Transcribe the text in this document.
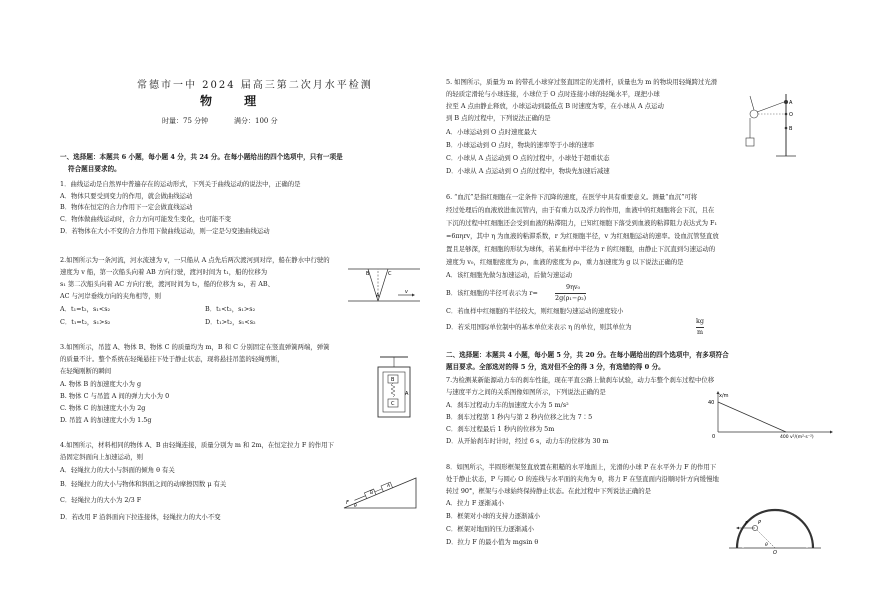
常德市一中 2024 届高三第二次月水平检测
物 理
时量：75 分钟	满分：100 分
一、选择题：本题共 6 小题，每小题 4 分，共 24 分。在每小题给出的四个选项中，只有一项是
符合题目要求的。
1．曲线运动是自然界中普遍存在的运动形式，下列关于曲线运动的说法中，正确的是
A．物体只要受到变力的作用，就会做曲线运动
B．物体在恒定的合力作用下一定会做直线运动
C．物体做曲线运动时，合力方向可能发生变化，也可能不变
D．若物体在大小不变的合力作用下做曲线运动，则一定是匀变速曲线运动
2.如图所示为一条河流，河水流速为 v，一只船从 A 点先后两次渡河到对岸，船在静水中行驶的
速度为 v 船，第一次船头向着 AB 方向行驶，渡河时间为 t₁，船的位移为
s₁ 第二次船头向着 AC 方向行驶，渡河时间为 t₂，船的位移为 s₂，若 AB、
AC 与河岸垂线方向的夹角相等，则
A．t₁=t₂，s₁<s₂	B．t₁<t₂，s₁>s₂
C．t₁=t₂，s₁>s₂	D．t₁>t₂，s₁<s₂
B	C
A
v
3.如图所示，吊篮 A、物体 B、物体 C 的质量均为 m，B 和 C 分别固定在竖直弹簧两端，弹簧
的质量不计。整个系统在轻绳悬挂下处于静止状态，现将悬挂吊篮的轻绳剪断，
在轻绳刚断的瞬间
A. 物体 B 的加速度大小为 g
B. 物体 C 与吊篮 A 间的弹力大小为 0
C. 物体 C 的加速度大小为 2g
D. 吊篮 A 的加速度大小为 1.5g
B
C
A
4.如图所示，材料相同的物体 A、B 由轻绳连接，质量分别为 m 和 2m，在恒定拉力 F 的作用下
沿固定斜面向上加速运动，则
A．轻绳拉力的大小与斜面的倾角 θ 有关
B．轻绳拉力的大小与物体和斜面之间的动摩擦因数 μ 有关
C．轻绳拉力的大小为 2/3 F
D．若改用 F 沿斜面向下拉连接体，轻绳拉力的大小不变
F
B
A
θ
5. 如图所示，质量为 m 的带孔小球穿过竖直固定的光滑杆，质量也为 m 的物块用轻绳跨过光滑
的轻质定滑轮与小球连接，小球位于 O 点时连接小球的轻绳水平，现把小球
拉至 A 点由静止释放，小球运动到最低点 B 时速度为零，在小球从 A 点运动
到 B 点的过程中，下列说法正确的是
A．小球运动到 O 点时速度最大
B．小球运动到 O 点时，物块的速率等于小球的速率
C．小球从 A 点运动到 O 点的过程中，小球处于超重状态
D．小球从 A 点运动到 O 点的过程中，物块先加速后减速
A
O
B
6. “血沉”是指红细胞在一定条件下沉降的速度，在医学中具有重要意义。测量“血沉”可将
经过处理后的血液放进血沉管内，由于有重力以及浮力的作用，血液中的红细胞将会下沉，且在
下沉的过程中红细胞还会受到血液的粘滞阻力，已知红细胞下落受到血液的粘滞阻力表达式为 F₁
=6πηrv，其中 η 为血液的粘滞系数，r 为红细胞半径，v 为红细胞运动的速率。设血沉管竖直放
置且足够深，红细胞的形状为球体，若某血样中半径为 r 的红细胞，由静止下沉直到匀速运动的
速度为 v₀，红细胞密度为 ρ₁，血液的密度为 ρ₂，重力加速度为 g 以下说法正确的是
A．该红细胞先做匀加速运动，后做匀速运动
B．该红细胞的半径可表示为 r=
9ηv₀
2g(ρ₁−ρ₂)
C．若血样中红细胞的半径较大，则红细胞匀速运动的速度较小
D．若采用国际单位制中的基本单位来表示 η 的单位，则其单位为
kg
m
二、选择题：本题共 4 小题，每小题 5 分，共 20 分。在每小题给出的四个选项中，有多项符合
题目要求。全部选对的得 5 分，选对但不全的得 3 分，有选错的得 0 分。
7.为检测某新能源动力车的刹车性能，现在平直公路上做刹车试验，动力车整个刹车过程中位移
与速度平方之间的关系图像如图所示，下列说法正确的是
A．刹车过程动力车的加速度大小为 5 m/s²
B．刹车过程第 1 秒内与第 2 秒内位移之比为 7∶5
C．刹车过程最后 1 秒内的位移为 5m
D．从开始刹车时计时，经过 6 s，动力车的位移为 30 m
x/m
40
0	400 v²/(m²·s⁻²)
8．如图所示，半圆形框架竖直放置在粗糙的水平地面上，光滑的小球 P 在水平外力 F 的作用下
处于静止状态，P 与圆心 O 的连线与水平面的夹角为 θ，将力 F 在竖直面内沿顺时针方向缓慢地
转过 90°，框架与小球始终保持静止状态。在此过程中下列说法正确的是
A．拉力 F 逐渐减小
B．框架对小球的支持力逐渐减小
C．框架对地面的压力逐渐减小
D．拉力 F 的最小值为 mgsin θ
F P
O
θ
